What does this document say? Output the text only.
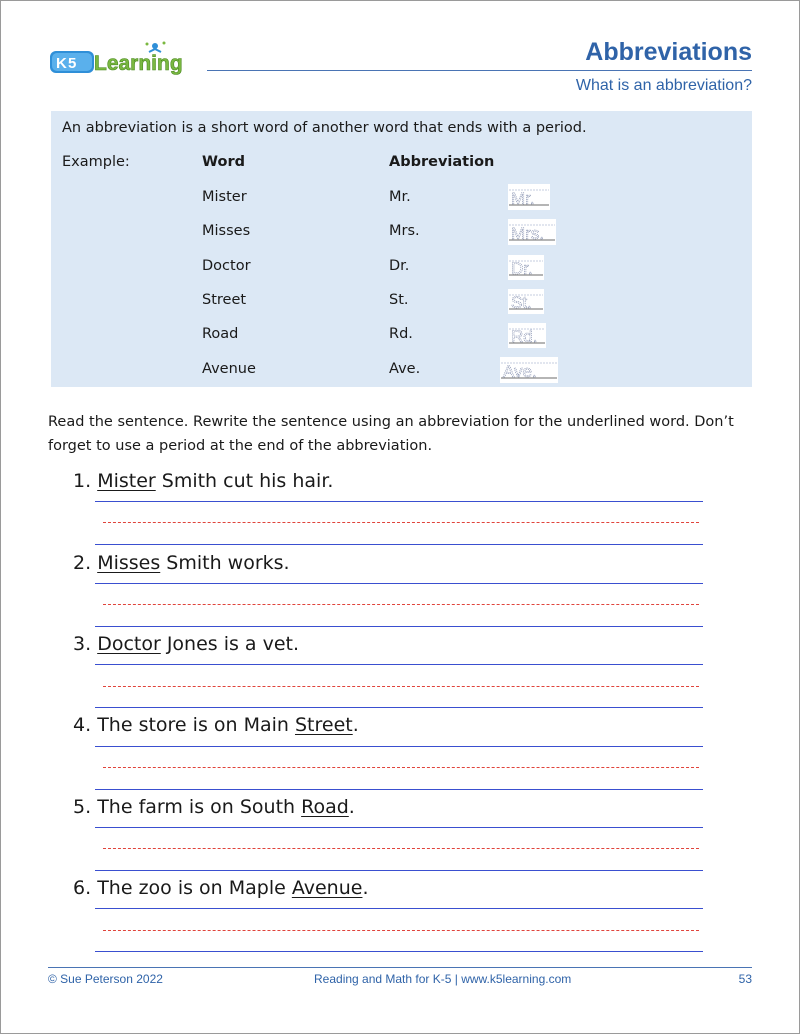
K 5 Learning	Abbreviations
What is an abbreviation?
An abbreviation is a short word of another word that ends with a period.
Example:	Word	Abbreviation
Mister	Mr.	Mr.
Misses	Mrs.	Mrs.
Doctor	Dr.	Dr.
Street	St.	St.
Road	Rd.	Rd.
Avenue	Ave.	Ave.
Read the sentence. Rewrite the sentence using an abbreviation for the underlined word. Don’t forget to use a period at the end of the abbreviation.
1. Mister Smith cut his hair.
2. Misses Smith works.
3. Doctor Jones is a vet.
4. The store is on Main Street.
5. The farm is on South Road.
6. The zoo is on Maple Avenue.
© Sue Peterson 2022	Reading and Math for K-5 | www.k5learning.com	53
